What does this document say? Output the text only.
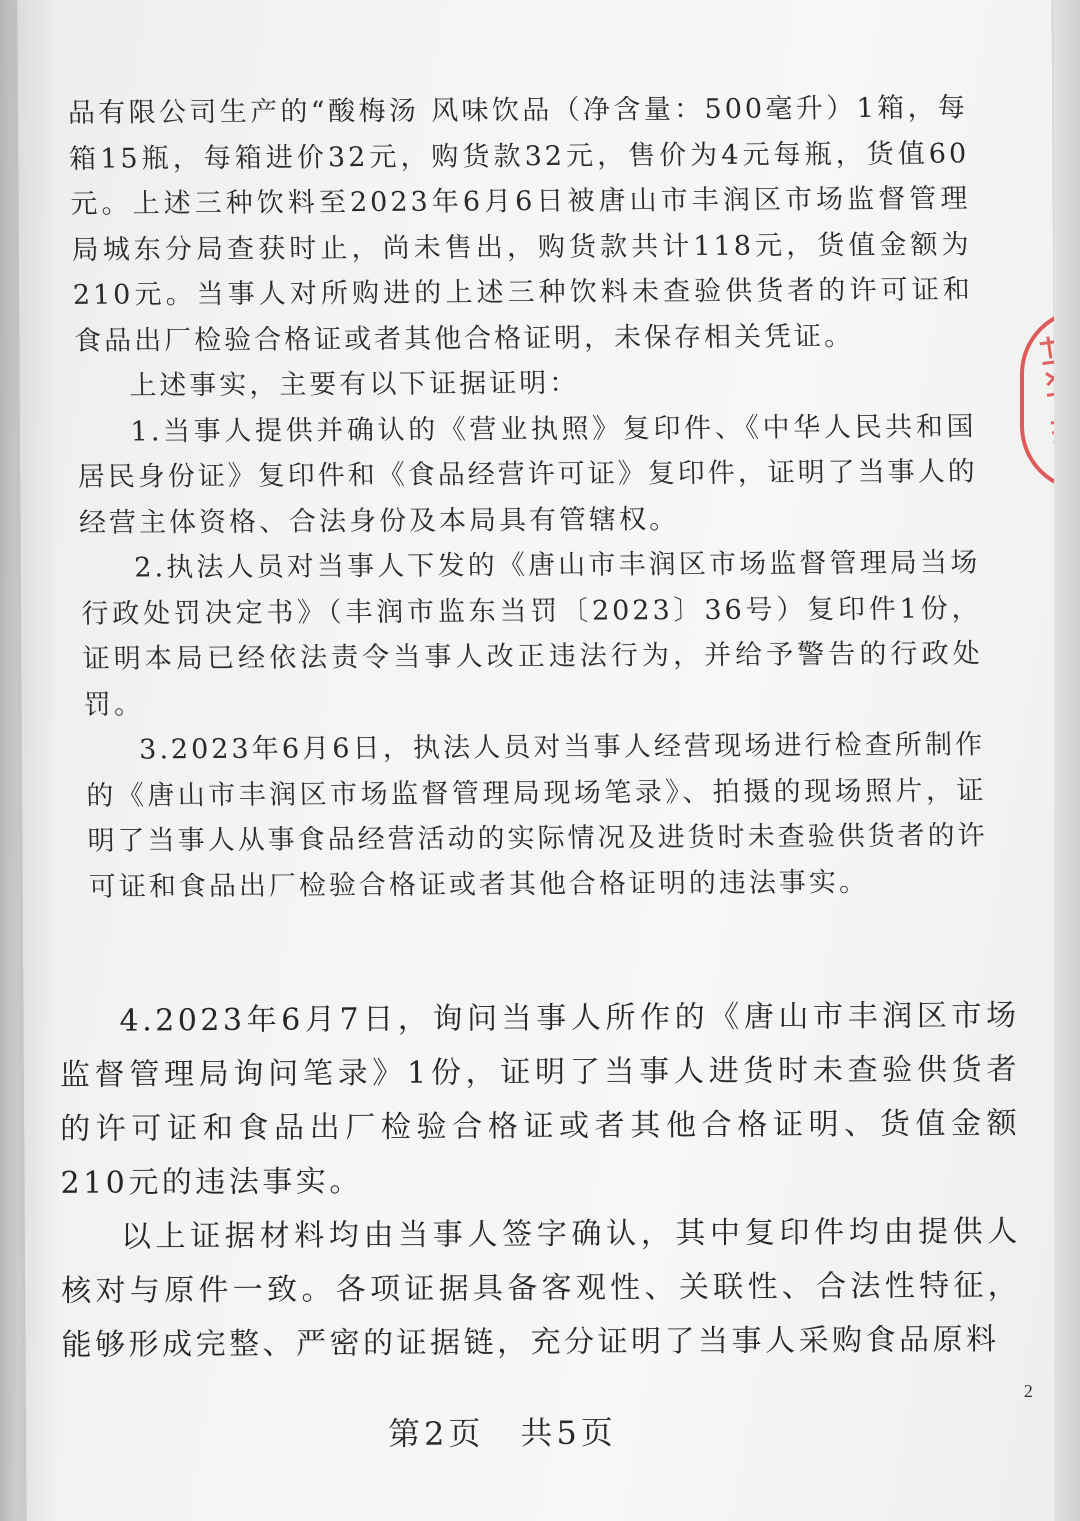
品有限公司生产的“酸梅汤 风味饮品（净含量：500毫升）1箱，每箱15瓶，每箱进价32元，购货款32元，售价为4元每瓶，货值60元。上述三种饮料至2023年6月6日被唐山市丰润区市场监督管理局城东分局查获时止，尚未售出，购货款共计118元，货值金额为210元。当事人对所购进的上述三种饮料未查验供货者的许可证和食品出厂检验合格证或者其他合格证明，未保存相关凭证。

上述事实，主要有以下证据证明：

1.当事人提供并确认的《营业执照》复印件、《中华人民共和国居民身份证》复印件和《食品经营许可证》复印件，证明了当事人的经营主体资格、合法身份及本局具有管辖权。

2.执法人员对当事人下发的《唐山市丰润区市场监督管理局当场行政处罚决定书》（丰润市监东当罚〔2023〕36号）复印件1份，证明本局已经依法责令当事人改正违法行为，并给予警告的行政处罚。

3.2023年6月6日，执法人员对当事人经营现场进行检查所制作的《唐山市丰润区市场监督管理局现场笔录》、拍摄的现场照片，证明了当事人从事食品经营活动的实际情况及进货时未查验供货者的许可证和食品出厂检验合格证或者其他合格证明的违法事实。

4.2023年6月7日，询问当事人所作的《唐山市丰润区市场监督管理局询问笔录》1份，证明了当事人进货时未查验供货者的许可证和食品出厂检验合格证或者其他合格证明、货值金额210元的违法事实。

以上证据材料均由当事人签字确认，其中复印件均由提供人核对与原件一致。各项证据具备客观性、关联性、合法性特征，能够形成完整、严密的证据链，充分证明了当事人采购食品原料

2
第2页　共5页
